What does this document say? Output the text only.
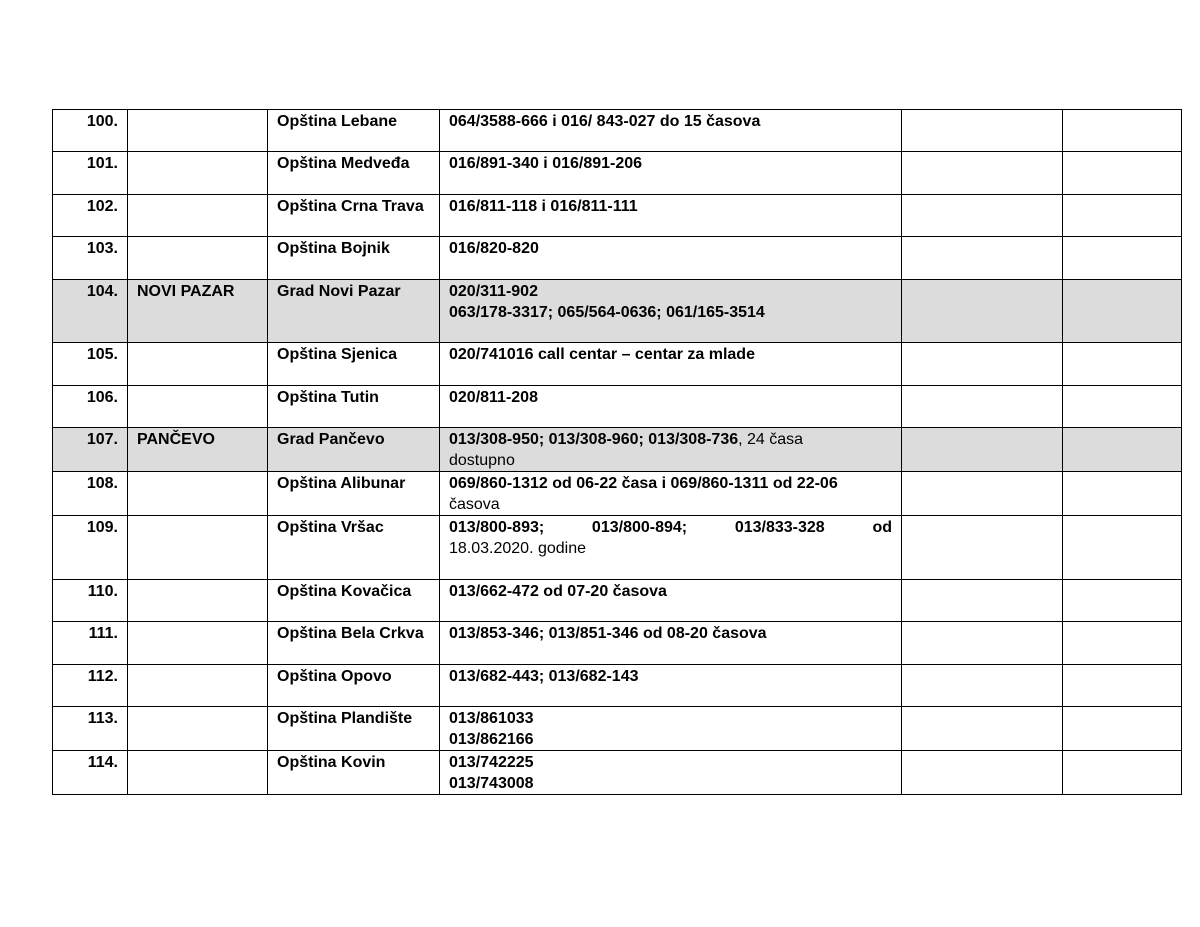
100.		Opština Lebane	064/3588-666 i 016/ 843-027 do 15 časova		

101.		Opština Medveđa	016/891-340 i 016/891-206		

102.		Opština Crna Trava	016/811-118 i 016/811-111		

103.		Opština Bojnik	016/820-820		

104.	NOVI PAZAR	Grad Novi Pazar	020/311-902
063/178-3317; 065/564-0636; 061/165-3514		

105.		Opština Sjenica	020/741016 call centar – centar za mlade		

106.		Opština Tutin	020/811-208		

107.	PANČEVO	Grad Pančevo	013/308-950; 013/308-960; 013/308-736, 24 časa
dostupno		

108.		Opština Alibunar	069/860-1312 od 06-22 časa i 069/860-1311 od 22-06
časova		

109.		Opština Vršac	013/800-893; 013/800-894; 013/833-328 od
18.03.2020. godine		

110.		Opština Kovačica	013/662-472 od 07-20 časova		

111.		Opština Bela Crkva	013/853-346; 013/851-346 od 08-20 časova		

112.		Opština Opovo	013/682-443; 013/682-143		

113.		Opština Plandište	013/861033
013/862166		

114.		Opština Kovin	013/742225
013/743008		
